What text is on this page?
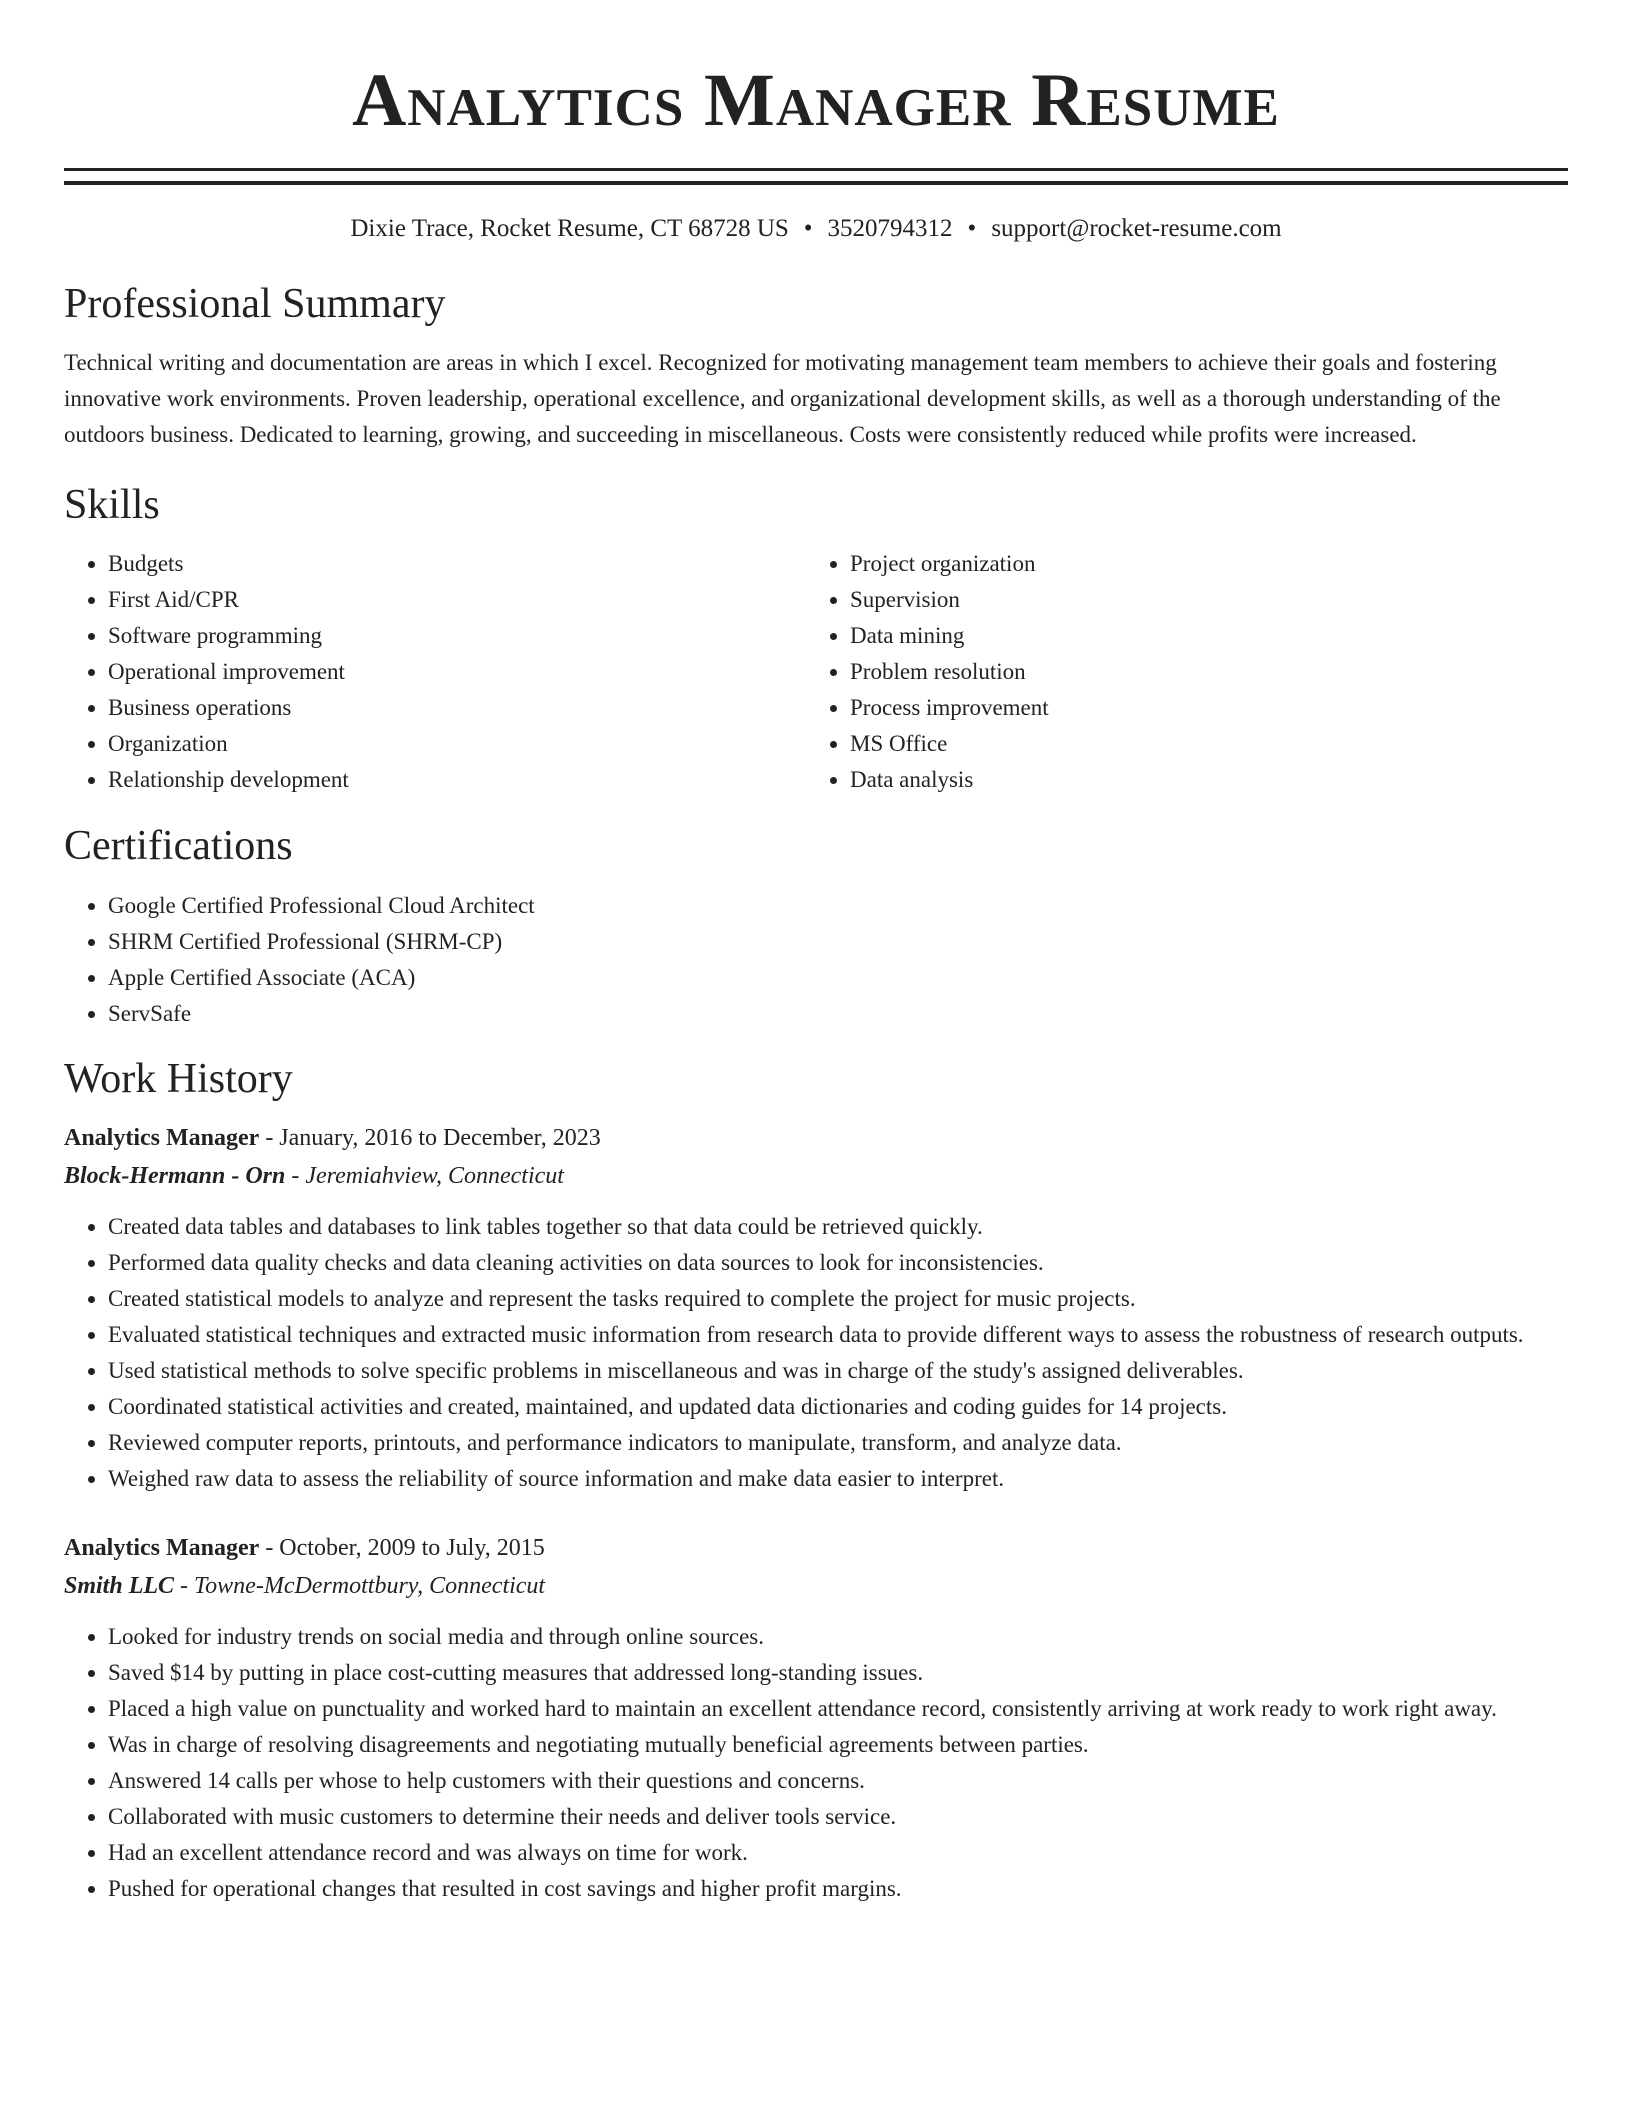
Analytics Manager Resume
Dixie Trace, Rocket Resume, CT 68728 US • 3520794312 • support@rocket-resume.com
Professional Summary

Technical writing and documentation are areas in which I excel. Recognized for motivating management team members to achieve their goals and fostering innovative work environments. Proven leadership, operational excellence, and organizational development skills, as well as a thorough understanding of the outdoors business. Dedicated to learning, growing, and succeeding in miscellaneous. Costs were consistently reduced while profits were increased.

Skills
• Budgets
• First Aid/CPR
• Software programming
• Operational improvement
• Business operations
• Organization
• Relationship development
• Project organization
• Supervision
• Data mining
• Problem resolution
• Process improvement
• MS Office
• Data analysis
Certifications
• Google Certified Professional Cloud Architect
• SHRM Certified Professional (SHRM-CP)
• Apple Certified Associate (ACA)
• ServSafe
Work History
Analytics Manager - January, 2016 to December, 2023
Block-Hermann - Orn - Jeremiahview, Connecticut
• Created data tables and databases to link tables together so that data could be retrieved quickly.
• Performed data quality checks and data cleaning activities on data sources to look for inconsistencies.
• Created statistical models to analyze and represent the tasks required to complete the project for music projects.
• Evaluated statistical techniques and extracted music information from research data to provide different ways to assess the robustness of research outputs.
• Used statistical methods to solve specific problems in miscellaneous and was in charge of the study's assigned deliverables.
• Coordinated statistical activities and created, maintained, and updated data dictionaries and coding guides for 14 projects.
• Reviewed computer reports, printouts, and performance indicators to manipulate, transform, and analyze data.
• Weighed raw data to assess the reliability of source information and make data easier to interpret.
Analytics Manager - October, 2009 to July, 2015
Smith LLC - Towne-McDermottbury, Connecticut
• Looked for industry trends on social media and through online sources.
• Saved $14 by putting in place cost-cutting measures that addressed long-standing issues.
• Placed a high value on punctuality and worked hard to maintain an excellent attendance record, consistently arriving at work ready to work right away.
• Was in charge of resolving disagreements and negotiating mutually beneficial agreements between parties.
• Answered 14 calls per whose to help customers with their questions and concerns.
• Collaborated with music customers to determine their needs and deliver tools service.
• Had an excellent attendance record and was always on time for work.
• Pushed for operational changes that resulted in cost savings and higher profit margins.
